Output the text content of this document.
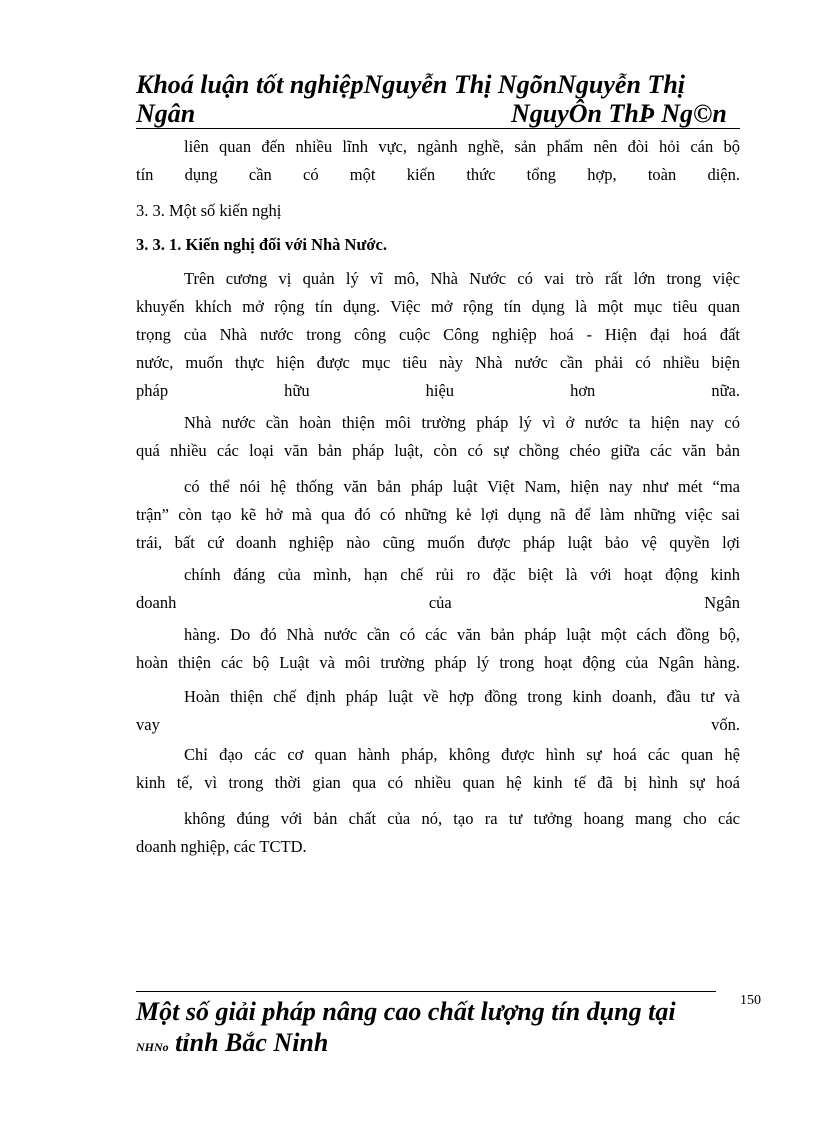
Khoá luận tốt nghiệpNguyễn Thị NgõnNguyễn Thị
Ngân	NguyÔn ThÞ Ng©n
liên quan đến nhiều lĩnh vực, ngành nghề, sản phẩm nên đòi hỏi cán bộ
tín dụng cần có một kiến thức tổng hợp, toàn diện.
3. 3. Một số kiến nghị
3. 3. 1. Kiến nghị đối với Nhà Nước.
Trên cương vị quản lý vĩ mô, Nhà Nước có vai trò rất lớn trong việc
khuyến khích mở rộng tín dụng. Việc mở rộng tín dụng là một mục tiêu quan
trọng của Nhà nước trong công cuộc Công nghiệp hoá - Hiện đại hoá đất
nước, muốn thực hiện được mục tiêu này Nhà nước cần phải có nhiều biện
pháp hữu hiệu hơn nữa.
Nhà nước cần hoàn thiện môi trường pháp lý vì ở nước ta hiện nay có
quá nhiều các loại văn bản pháp luật, còn có sự chồng chéo giữa các văn bản
có thể nói hệ thống văn bản pháp luật Việt Nam, hiện nay như mét “ma
trận” còn tạo kẽ hở mà qua đó có những kẻ lợi dụng nã để làm những việc sai
trái, bất cứ doanh nghiệp nào cũng muốn được pháp luật bảo vệ quyền lợi
chính đáng của mình, hạn chế rủi ro đặc biệt là với hoạt động kinh
doanh của Ngân
hàng. Do đó Nhà nước cần có các văn bản pháp luật một cách đồng bộ,
hoàn thiện các bộ Luật và môi trường pháp lý trong hoạt động của Ngân hàng.
Hoàn thiện chế định pháp luật về hợp đồng trong kinh doanh, đầu tư và
vay vốn.
Chỉ đạo các cơ quan hành pháp, không được hình sự hoá các quan hệ
kinh tế, vì trong thời gian qua có nhiều quan hệ kinh tế đã bị hình sự hoá
không đúng với bản chất của nó, tạo ra tư tưởng hoang mang cho các
doanh nghiệp, các TCTD.
150
Một số giải pháp nâng cao chất lượng tín dụng tại
NHNo tỉnh Bắc Ninh
